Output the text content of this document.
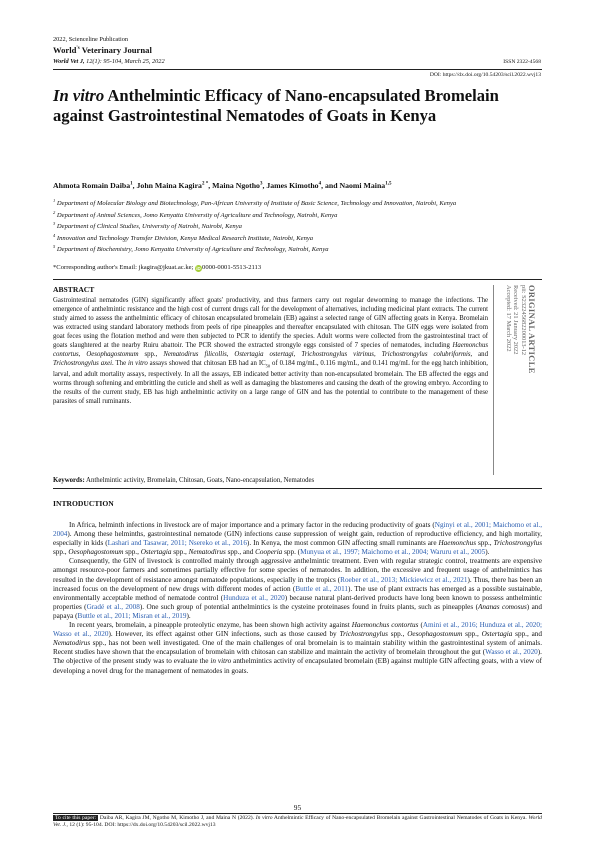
2022, Scienceline Publication
World$^{'s}$ Veterinary Journal
World Vet J, 12(1): 95-104, March 25, 2022	ISSN 2322-4568
DOI: https://dx.doi.org/10.54203/scil.2022.wvj13
In vitro Anthelmintic Efficacy of Nano-encapsulated Bromelain against Gastrointestinal Nematodes of Goats in Kenya
Ahmota Romain Daiba$^1$, John Maina Kagira$^{2 *}$, Maina Ngotho$^3$, James Kimotho$^4$, and Naomi Maina$^{1,5}$

$^1$ Department of Molecular Biology and Biotechnology, Pan-African University of Institute of Basic Science, Technology and Innovation, Nairobi, Kenya

$^2$ Department of Animal Sciences, Jomo Kenyatta University of Agriculture and Technology, Nairobi, Kenya

$^3$ Department of Clinical Studies, University of Nairobi, Nairobi, Kenya

$^4$ Innovation and Technology Transfer Division, Kenya Medical Research Institute, Nairobi, Kenya

$^5$ Department of Biochemistry, Jomo Kenyatta University of Agriculture and Technology, Nairobi, Kenya

*Corresponding author's Email: jkagira@jkuat.ac.ke; iD0000-0001-5513-2113
ORIGINAL ARTICLE
pii: S232245682200013-12
Received: 21 January 2022
Accepted: 17 March 2022
ABSTRACT
Gastrointestinal nematodes (GIN) significantly affect goats' productivity, and thus farmers carry out regular deworming to manage the infections. The emergence of anthelmintic resistance and the high cost of current drugs call for the development of alternatives, including medicinal plant extracts. The current study aimed to assess the anthelmintic efficacy of chitosan encapsulated bromelain (EB) against a selected range of GIN affecting goats in Kenya. Bromelain was extracted using standard laboratory methods from peels of ripe pineapples and thereafter encapsulated with chitosan. The GIN eggs were isolated from goat feces using the flotation method and were then subjected to PCR to identify the species. Adult worms were collected from the gastrointestinal tract of goats slaughtered at the nearby Ruiru abattoir. The PCR showed the extracted strongyle eggs consisted of 7 species of nematodes, including Haemonchus contortus, Oesophagostomum spp., Nematodirus filicollis, Ostertagia ostertagi, Trichostrongylus vitrinus, Trichostrongylus colubriformis, and Trichostrongylus axei. The in vitro assays showed that chitosan EB had an $IC_{50}$ of 0.184 mg/mL, 0.116 mg/mL, and 0.141 mg/mL for the egg hatch inhibition, larval, and adult mortality assays, respectively. In all the assays, EB indicated better activity than non-encapsulated bromelain. The EB affected the eggs and worms through softening and embrittling the cuticle and shell as well as damaging the blastomeres and causing the death of the growing embryo. According to the results of the current study, EB has high anthelmintic activity on a large range of GIN and has the potential to contribute to the management of these parasites of small ruminants.
Keywords: Anthelmintic activity, Bromelain, Chitosan, Goats, Nano-encapsulation, Nematodes
INTRODUCTION

In Africa, helminth infections in livestock are of major importance and a primary factor in the reducing productivity of goats (Nginyi et al., 2001; Maichomo et al., 2004). Among these helminths, gastrointestinal nematode (GIN) infections cause suppression of weight gain, reduction of reproductive efficiency, and high mortality, especially in kids (Lashari and Tasawar, 2011; Nsereko et al., 2016). In Kenya, the most common GIN affecting small ruminants are Haemonchus spp., Trichostrongylus spp., Oesophagostomum spp., Ostertagia spp., Nematodirus spp., and Cooperia spp. (Munyua et al., 1997; Maichomo et al., 2004; Waruru et al., 2005).

Consequently, the GIN of livestock is controlled mainly through aggressive anthelmintic treatment. Even with regular strategic control, treatments are expensive amongst resource-poor farmers and sometimes partially effective for some species of nematodes. In addition, the excessive and frequent usage of anthelmintics has resulted in the development of resistance amongst nematode populations, especially in the tropics (Roeber et al., 2013; Mickiewicz et al., 2021). Thus, there has been an increased focus on the development of new drugs with different modes of action (Buttle et al., 2011). The use of plant extracts has emerged as a possible sustainable, environmentally acceptable method of nematode control (Hunduza et al., 2020) because natural plant-derived products have long been known to possess anthelmintic properties (Gradé et al., 2008). One such group of potential anthelmintics is the cysteine proteinases found in fruits plants, such as pineapples (Ananas comosus) and papaya (Buttle et al., 2011; Misran et al., 2019).

In recent years, bromelain, a pineapple proteolytic enzyme, has been shown high activity against Haemonchus contortus (Amini et al., 2016; Hunduza et al., 2020; Wasso et al., 2020). However, its effect against other GIN infections, such as those caused by Trichostrongylus spp., Oesophagostomum spp., Ostertagia spp., and Nematodirus spp., has not been well investigated. One of the main challenges of oral bromelain is to maintain stability within the gastrointestinal system of animals. Recent studies have shown that the encapsulation of bromelain with chitosan can stabilize and maintain the activity of bromelain throughout the gut (Wasso et al., 2020). The objective of the present study was to evaluate the in vitro anthelmintics activity of encapsulated bromelain (EB) against multiple GIN affecting goats, with a view of developing a novel drug for the management of nematodes in goats.

95
To cite this paper: Daiba AR, Kagira JM, Ngotho M, Kimotho J, and Maina N (2022). In vitro Anthelmintic Efficacy of Nano-encapsulated Bromelain against Gastrointestinal Nematodes of Goats in Kenya. World Vet. J., 12 (1): 95-104. DOI: https://dx.doi.org/10.54203/scil.2022.wvj13
